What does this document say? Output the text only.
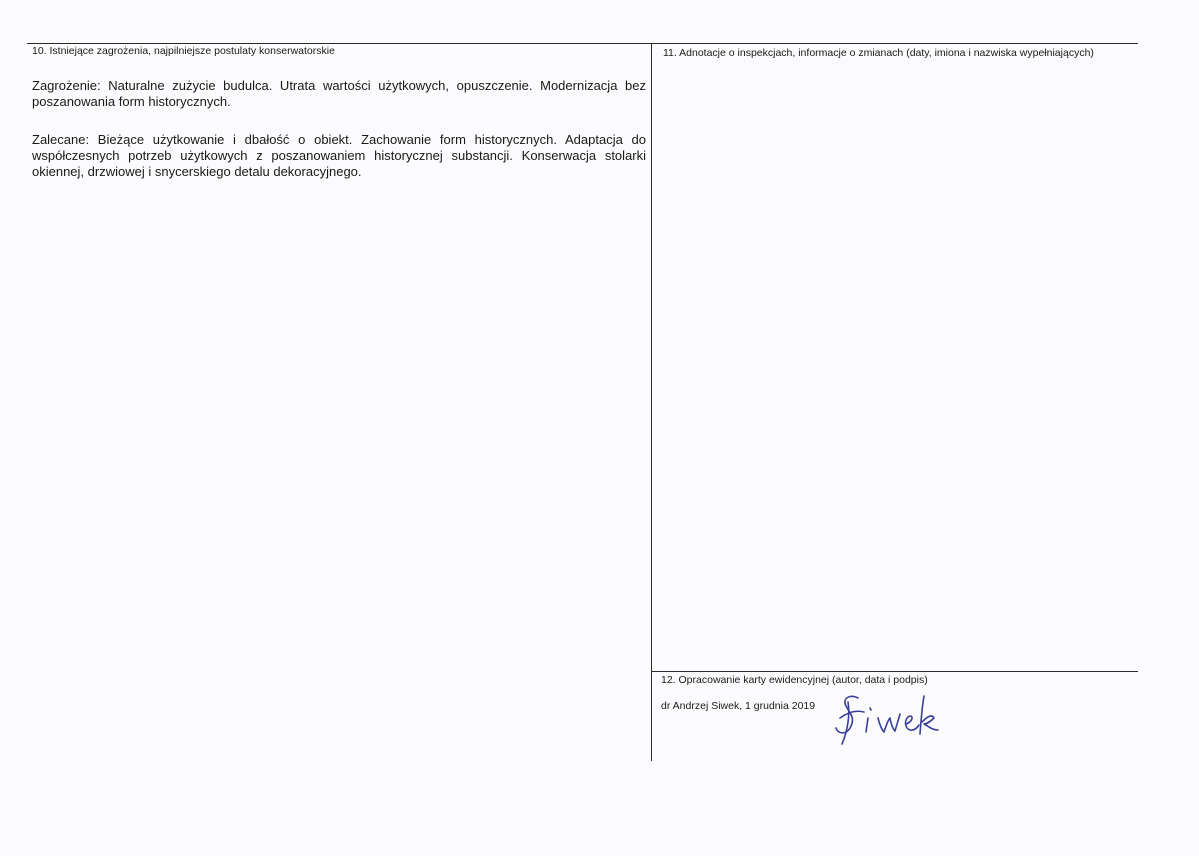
10. Istniejące zagrożenia, najpilniejsze postulaty konserwatorskie
Zagrożenie: Naturalne zużycie budulca. Utrata wartości użytkowych, opuszczenie. Modernizacja bez poszanowania form historycznych.
Zalecane: Bieżące użytkowanie i dbałość o obiekt. Zachowanie form historycznych. Adaptacja do współczesnych potrzeb użytkowych z poszanowaniem historycznej substancji. Konserwacja stolarki okiennej, drzwiowej i snycerskiego detalu dekoracyjnego.
11. Adnotacje o inspekcjach, informacje o zmianach (daty, imiona i nazwiska wypełniających)
12. Opracowanie karty ewidencyjnej (autor, data i podpis)
dr Andrzej Siwek, 1 grudnia 2019
